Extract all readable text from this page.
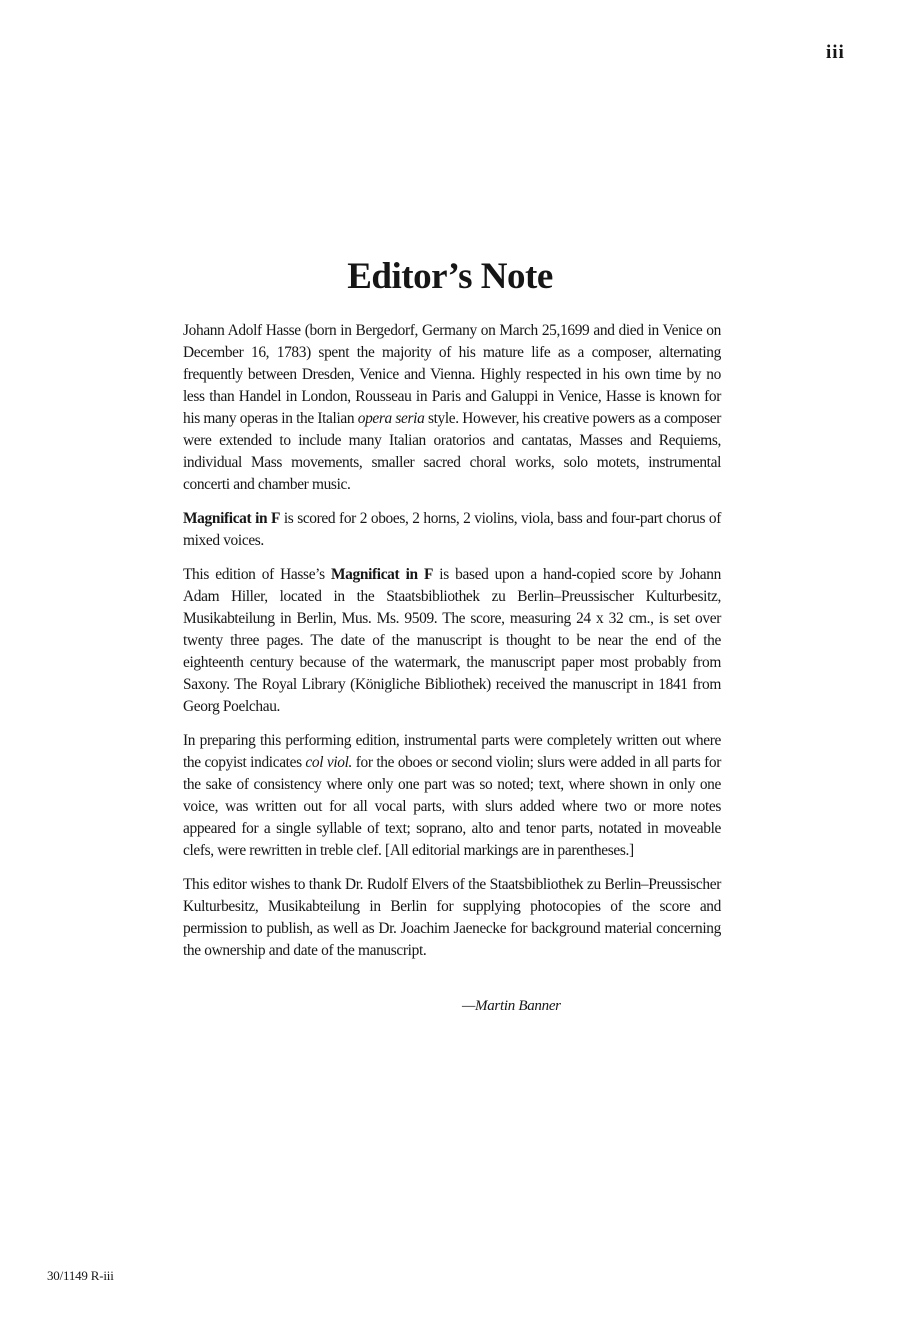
iii
Editor’s Note

Johann Adolf Hasse (born in Bergedorf, Germany on March 25,1699 and died in Venice on December 16, 1783) spent the majority of his mature life as a composer, alternating frequently between Dresden, Venice and Vienna. Highly respected in his own time by no less than Handel in London, Rousseau in Paris and Galuppi in Venice, Hasse is known for his many operas in the Italian opera seria style. However, his creative powers as a composer were extended to include many Italian oratorios and cantatas, Masses and Requiems, individual Mass movements, smaller sacred choral works, solo motets, instrumental concerti and chamber music.

Magnificat in F is scored for 2 oboes, 2 horns, 2 violins, viola, bass and four-part chorus of mixed voices.

This edition of Hasse’s Magnificat in F is based upon a hand-copied score by Johann Adam Hiller, located in the Staatsbibliothek zu Berlin–Preussischer Kulturbesitz, Musikabteilung in Berlin, Mus. Ms. 9509. The score, measuring 24 x 32 cm., is set over twenty three pages. The date of the manuscript is thought to be near the end of the eighteenth century because of the watermark, the manuscript paper most probably from Saxony. The Royal Library (Königliche Bibliothek) received the manuscript in 1841 from Georg Poelchau.

In preparing this performing edition, instrumental parts were completely written out where the copyist indicates col viol. for the oboes or second violin; slurs were added in all parts for the sake of consistency where only one part was so noted; text, where shown in only one voice, was written out for all vocal parts, with slurs added where two or more notes appeared for a single syllable of text; soprano, alto and tenor parts, notated in moveable clefs, were rewritten in treble clef. [All editorial markings are in parentheses.]

This editor wishes to thank Dr. Rudolf Elvers of the Staatsbibliothek zu Berlin–Preussischer Kulturbesitz, Musikabteilung in Berlin for supplying photocopies of the score and permission to publish, as well as Dr. Joachim Jaenecke for background material concerning the ownership and date of the manuscript.

—Martin Banner
30/1149 R-iii
